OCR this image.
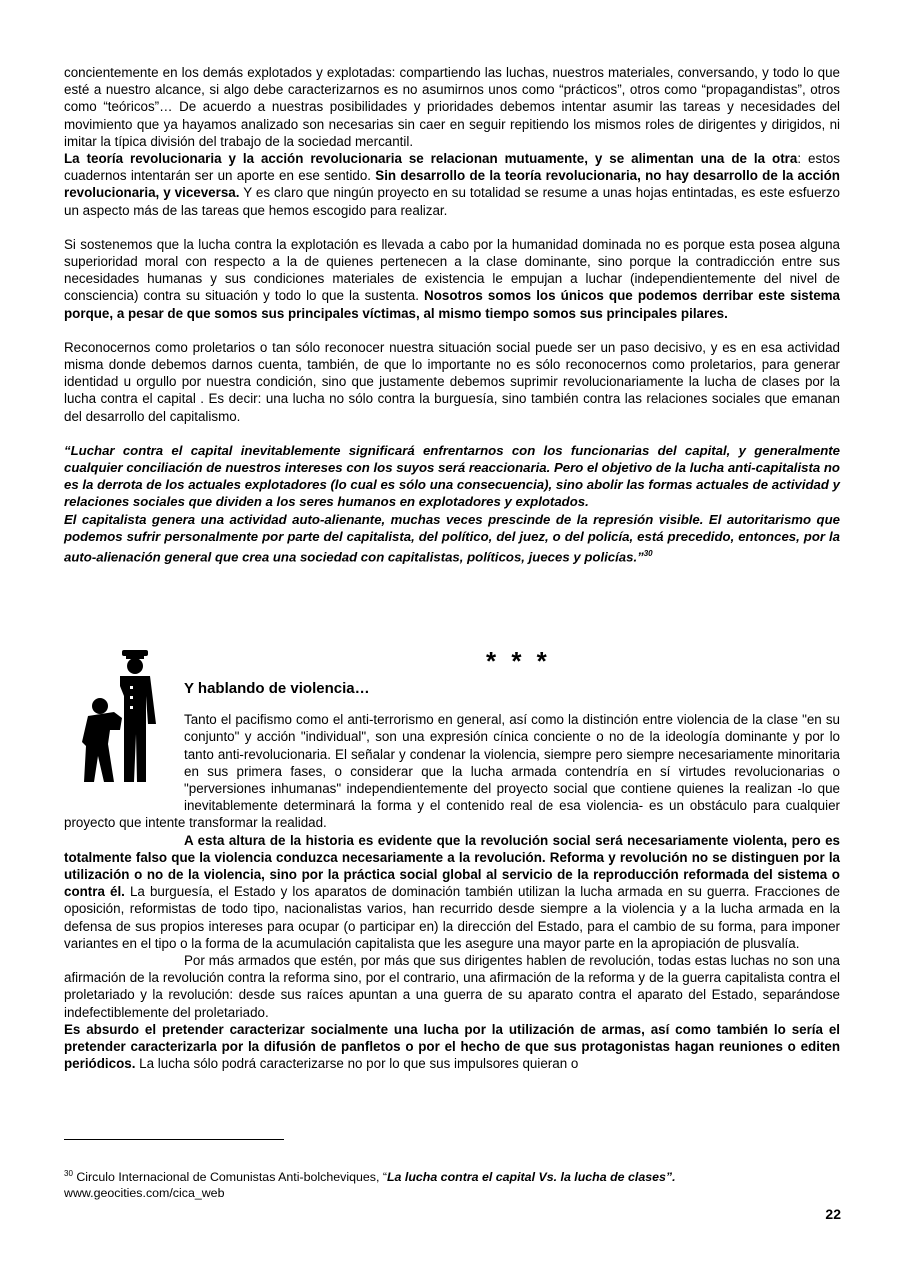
concientemente en los demás explotados y explotadas: compartiendo las luchas, nuestros materiales, conversando, y todo lo que esté a nuestro alcance, si algo debe caracterizarnos es no asumirnos unos como “prácticos”, otros como “propagandistas”, otros como “teóricos”… De acuerdo a nuestras posibilidades y prioridades debemos intentar asumir las tareas y necesidades del movimiento que ya hayamos analizado son necesarias sin caer en seguir repitiendo los mismos roles de dirigentes y dirigidos, ni imitar la típica división del trabajo de la sociedad mercantil.

La teoría revolucionaria y la acción revolucionaria se relacionan mutuamente, y se alimentan una de la otra: estos cuadernos intentarán ser un aporte en ese sentido. Sin desarrollo de la teoría revolucionaria, no hay desarrollo de la acción revolucionaria, y viceversa. Y es claro que ningún proyecto en su totalidad se resume a unas hojas entintadas, es este esfuerzo un aspecto más de las tareas que hemos escogido para realizar.

Si sostenemos que la lucha contra la explotación es llevada a cabo por la humanidad dominada no es porque esta posea alguna superioridad moral con respecto a la de quienes pertenecen a la clase dominante, sino porque la contradicción entre sus necesidades humanas y sus condiciones materiales de existencia le empujan a luchar (independientemente del nivel de consciencia) contra su situación y todo lo que la sustenta. Nosotros somos los únicos que podemos derribar este sistema porque, a pesar de que somos sus principales víctimas, al mismo tiempo somos sus principales pilares.

Reconocernos como proletarios o tan sólo reconocer nuestra situación social puede ser un paso decisivo, y es en esa actividad misma donde debemos darnos cuenta, también, de que lo importante no es sólo reconocernos como proletarios, para generar identidad u orgullo por nuestra condición, sino que justamente debemos suprimir revolucionariamente la lucha de clases por la lucha contra el capital . Es decir: una lucha no sólo contra la burguesía, sino también contra las relaciones sociales que emanan del desarrollo del capitalismo.

“Luchar contra el capital inevitablemente significará enfrentarnos con los funcionarias del capital, y generalmente cualquier conciliación de nuestros intereses con los suyos será reaccionaria. Pero el objetivo de la lucha anti-capitalista no es la derrota de los actuales explotadores (lo cual es sólo una consecuencia), sino abolir las formas actuales de actividad y relaciones sociales que dividen a los seres humanos en explotadores y explotados.

El capitalista genera una actividad auto-alienante, muchas veces prescinde de la represión visible. El autoritarismo que podemos sufrir personalmente por parte del capitalista, del político, del juez, o del policía, está precedido, entonces, por la auto-alienación general que crea una sociedad con capitalistas, políticos, jueces y policías.”$^{30}$

* * *
Y hablando de violencia…

Tanto el pacifismo como el anti-terrorismo en general, así como la distinción entre violencia de la clase "en su conjunto" y acción "individual", son una expresión cínica conciente o no de la ideología dominante y por lo tanto anti-revolucionaria. El señalar y condenar la violencia, siempre pero siempre necesariamente minoritaria en sus primera fases, o considerar que la lucha armada contendría en sí virtudes revolucionarias o "perversiones inhumanas" independientemente del proyecto social que contiene quienes la realizan -lo que inevitablemente determinará la forma y el contenido real de esa violencia- es un obstáculo para cualquier proyecto que intente transformar la realidad.

A esta altura de la historia es evidente que la revolución social será necesariamente violenta, pero es totalmente falso que la violencia conduzca necesariamente a la revolución. Reforma y revolución no se distinguen por la utilización o no de la violencia, sino por la práctica social global al servicio de la reproducción reformada del sistema o contra él. La burguesía, el Estado y los aparatos de dominación también utilizan la lucha armada en su guerra. Fracciones de oposición, reformistas de todo tipo, nacionalistas varios, han recurrido desde siempre a la violencia y a la lucha armada en la defensa de sus propios intereses para ocupar (o participar en) la dirección del Estado, para el cambio de su forma, para imponer variantes en el tipo o la forma de la acumulación capitalista que les asegure una mayor parte en la apropiación de plusvalía.

Por más armados que estén, por más que sus dirigentes hablen de revolución, todas estas luchas no son una afirmación de la revolución contra la reforma sino, por el contrario, una afirmación de la reforma y de la guerra capitalista contra el proletariado y la revolución: desde sus raíces apuntan a una guerra de su aparato contra el aparato del Estado, separándose indefectiblemente del proletariado.

Es absurdo el pretender caracterizar socialmente una lucha por la utilización de armas, así como también lo sería el pretender caracterizarla por la difusión de panfletos o por el hecho de que sus protagonistas hagan reuniones o editen periódicos. La lucha sólo podrá caracterizarse no por lo que sus impulsores quieran o

$^{30}$ Circulo Internacional de Comunistas Anti-bolcheviques, “La lucha contra el capital Vs. la lucha de clases”.
www.geocities.com/cica_web
22
